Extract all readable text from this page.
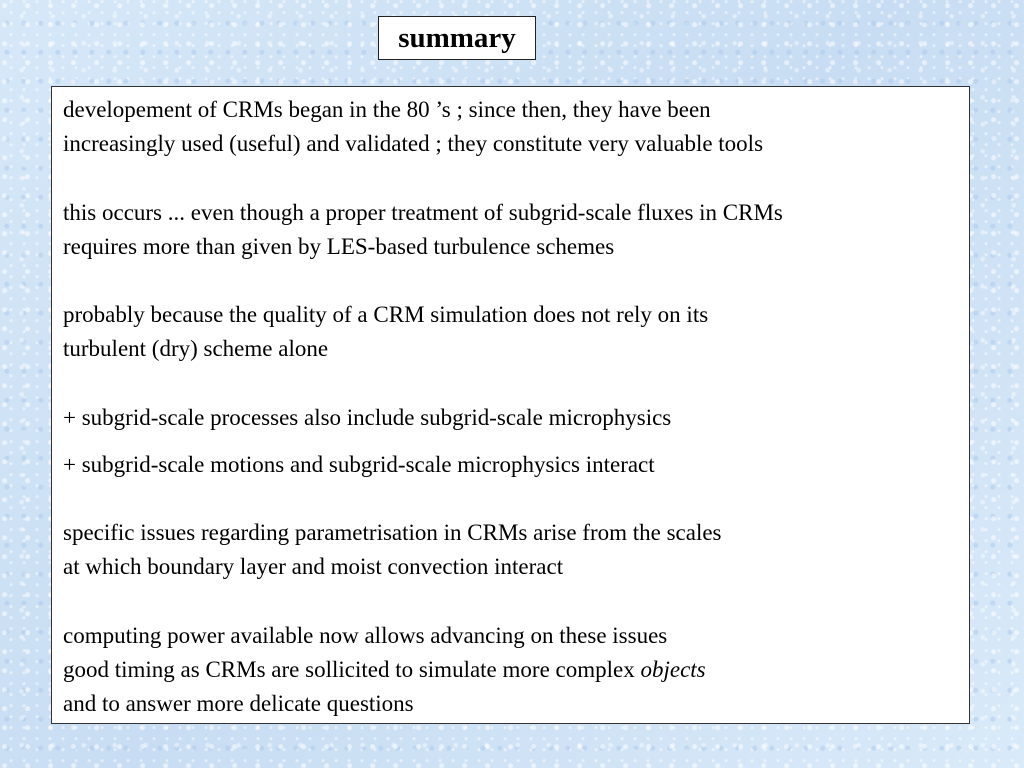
summary
developement of CRMs began in the 80 ’s ; since then, they have been
increasingly used (useful) and validated ; they constitute very valuable tools
this occurs ... even though a proper treatment of subgrid-scale fluxes in CRMs
requires more than given by LES-based turbulence schemes
probably because the quality of a CRM simulation does not rely on its
turbulent (dry) scheme alone
+ subgrid-scale processes also include subgrid-scale microphysics
+ subgrid-scale motions and subgrid-scale microphysics interact
specific issues regarding parametrisation in CRMs arise from the scales
at which boundary layer and moist convection interact
computing power available now allows advancing on these issues
good timing as CRMs are sollicited to simulate more complex objects
and to answer more delicate questions
